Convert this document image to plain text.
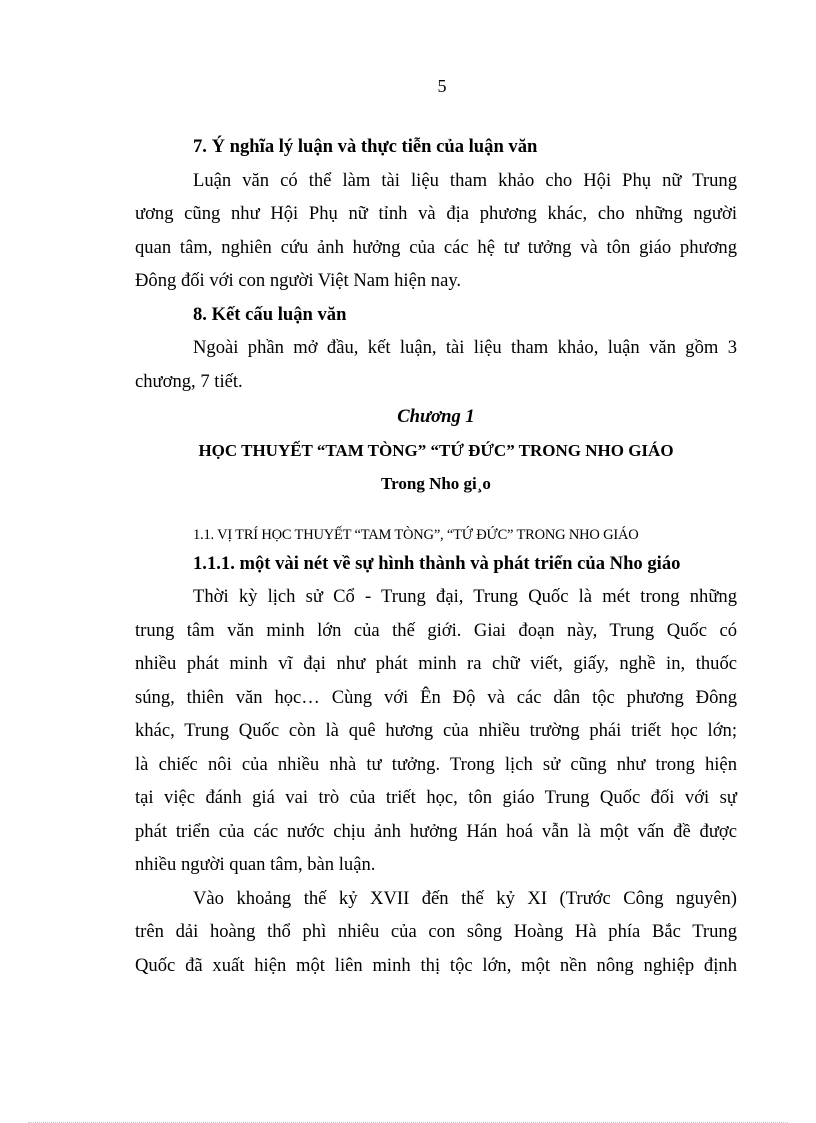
5
7. Ý nghĩa lý luận và thực tiễn của luận văn
Luận văn có thể làm tài liệu tham khảo cho Hội Phụ nữ Trung
ương cũng như Hội Phụ nữ tỉnh và địa phương khác, cho những người
quan tâm, nghiên cứu ảnh hưởng của các hệ tư tưởng và tôn giáo phương
Đông đối với con người Việt Nam hiện nay.
8. Kết cấu luận văn
Ngoài phần mở đầu, kết luận, tài liệu tham khảo, luận văn gồm 3
chương, 7 tiết.
Chương 1
HỌC THUYẾT “TAM TÒNG” “TỨ ĐỨC” TRONG NHO GIÁO
Trong Nho gi¸o
1.1. VỊ TRÍ HỌC THUYẾT “TAM TÒNG”, “TỨ ĐỨC” TRONG NHO GIÁO
1.1.1. một vài nét về sự hình thành và phát triển của Nho giáo
Thời kỳ lịch sử Cổ - Trung đại, Trung Quốc là mét trong những
trung tâm văn minh lớn của thế giới. Giai đoạn này, Trung Quốc có
nhiều phát minh vĩ đại như phát minh ra chữ viết, giấy, nghề in, thuốc
súng, thiên văn học… Cùng với Ên Độ và các dân tộc phương Đông
khác, Trung Quốc còn là quê hương của nhiều trường phái triết học lớn;
là chiếc nôi của nhiều nhà tư tưởng. Trong lịch sử cũng như trong hiện
tại việc đánh giá vai trò của triết học, tôn giáo Trung Quốc đối với sự
phát triển của các nước chịu ảnh hưởng Hán hoá vẫn là một vấn đề được
nhiều người quan tâm, bàn luận.
Vào khoảng thế kỷ XVII đến thế kỷ XI (Trước Công nguyên)
trên dải hoàng thổ phì nhiêu của con sông Hoàng Hà phía Bắc Trung
Quốc đã xuất hiện một liên minh thị tộc lớn, một nền nông nghiệp định
